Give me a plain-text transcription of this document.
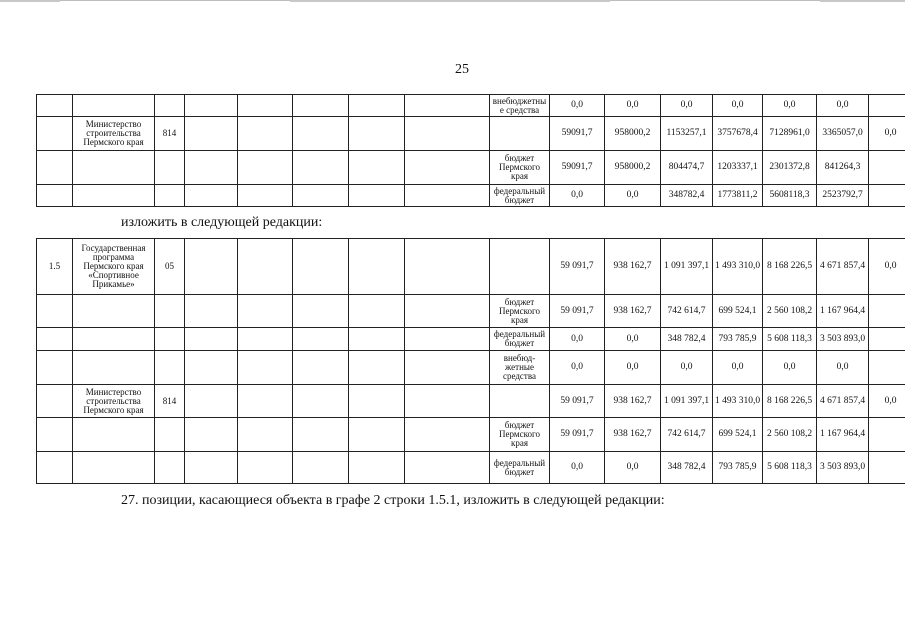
25
								внебюджетны е средства	0,0	0,0	0,0	0,0	0,0	0,0	
	Министерство строительства Пермского края	814							59091,7	958000,2	1153257,1	3757678,4	7128961,0	3365057,0	0,0
								бюджет Пермского края	59091,7	958000,2	804474,7	1203337,1	2301372,8	841264,3	
								федеральный бюджет	0,0	0,0	348782,4	1773811,2	5608118,3	2523792,7	
изложить в следующей редакции:
1.5	Государственная программа Пермского края «Спортивное Прикамье»	05							59 091,7	938 162,7	1 091 397,1	1 493 310,0	8 168 226,5	4 671 857,4	0,0
								бюджет Пермского края	59 091,7	938 162,7	742 614,7	699 524,1	2 560 108,2	1 167 964,4	
								федеральный бюджет	0,0	0,0	348 782,4	793 785,9	5 608 118,3	3 503 893,0	
								внебюд- жетные средства	0,0	0,0	0,0	0,0	0,0	0,0	
	Министерство строительства Пермского края	814							59 091,7	938 162,7	1 091 397,1	1 493 310,0	8 168 226,5	4 671 857,4	0,0
								бюджет Пермского края	59 091,7	938 162,7	742 614,7	699 524,1	2 560 108,2	1 167 964,4	
								федеральный бюджет	0,0	0,0	348 782,4	793 785,9	5 608 118,3	3 503 893,0	
27. позиции, касающиеся объекта в графе 2 строки 1.5.1, изложить в следующей редакции:
